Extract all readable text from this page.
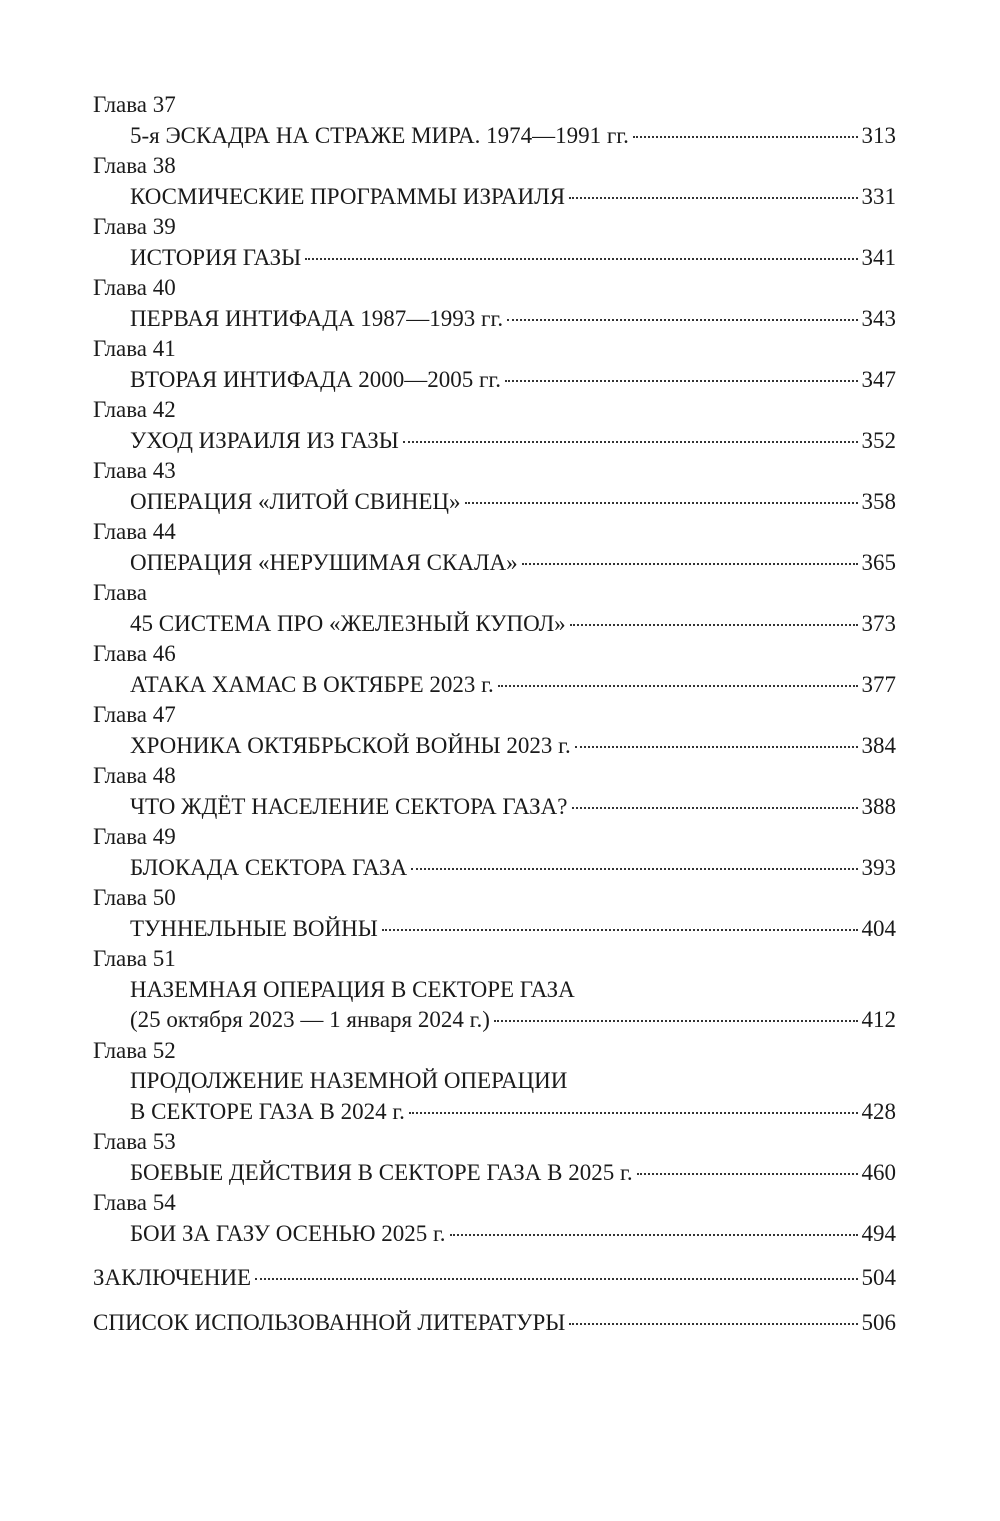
Глава 37
5-я ЭСКАДРА НА СТРАЖЕ МИРА. 1974—1991 гг.	313
Глава 38
КОСМИЧЕСКИЕ ПРОГРАММЫ ИЗРАИЛЯ	331
Глава 39
ИСТОРИЯ ГАЗЫ	341
Глава 40
ПЕРВАЯ ИНТИФАДА 1987—1993 гг.	343
Глава 41
ВТОРАЯ ИНТИФАДА 2000—2005 гг.	347
Глава 42
УХОД ИЗРАИЛЯ ИЗ ГАЗЫ	352
Глава 43
ОПЕРАЦИЯ «ЛИТОЙ СВИНЕЦ»	358
Глава 44
ОПЕРАЦИЯ «НЕРУШИМАЯ СКАЛА»	365
Глава
45 СИСТЕМА ПРО «ЖЕЛЕЗНЫЙ КУПОЛ»	373
Глава 46
АТАКА ХАМАС В ОКТЯБРЕ 2023 г.	377
Глава 47
ХРОНИКА ОКТЯБРЬСКОЙ ВОЙНЫ 2023 г.	384
Глава 48
ЧТО ЖДЁТ НАСЕЛЕНИЕ СЕКТОРА ГАЗА?	388
Глава 49
БЛОКАДА СЕКТОРА ГАЗА	393
Глава 50
ТУННЕЛЬНЫЕ ВОЙНЫ	404
Глава 51
НАЗЕМНАЯ ОПЕРАЦИЯ В СЕКТОРЕ ГАЗА
(25 октября 2023 — 1 января 2024 г.)	412
Глава 52
ПРОДОЛЖЕНИЕ НАЗЕМНОЙ ОПЕРАЦИИ
В СЕКТОРЕ ГАЗА В 2024 г.	428
Глава 53
БОЕВЫЕ ДЕЙСТВИЯ В СЕКТОРЕ ГАЗА В 2025 г.	460
Глава 54
БОИ ЗА ГАЗУ ОСЕНЬЮ 2025 г.	494
ЗАКЛЮЧЕНИЕ	504
СПИСОК ИСПОЛЬЗОВАННОЙ ЛИТЕРАТУРЫ	506
